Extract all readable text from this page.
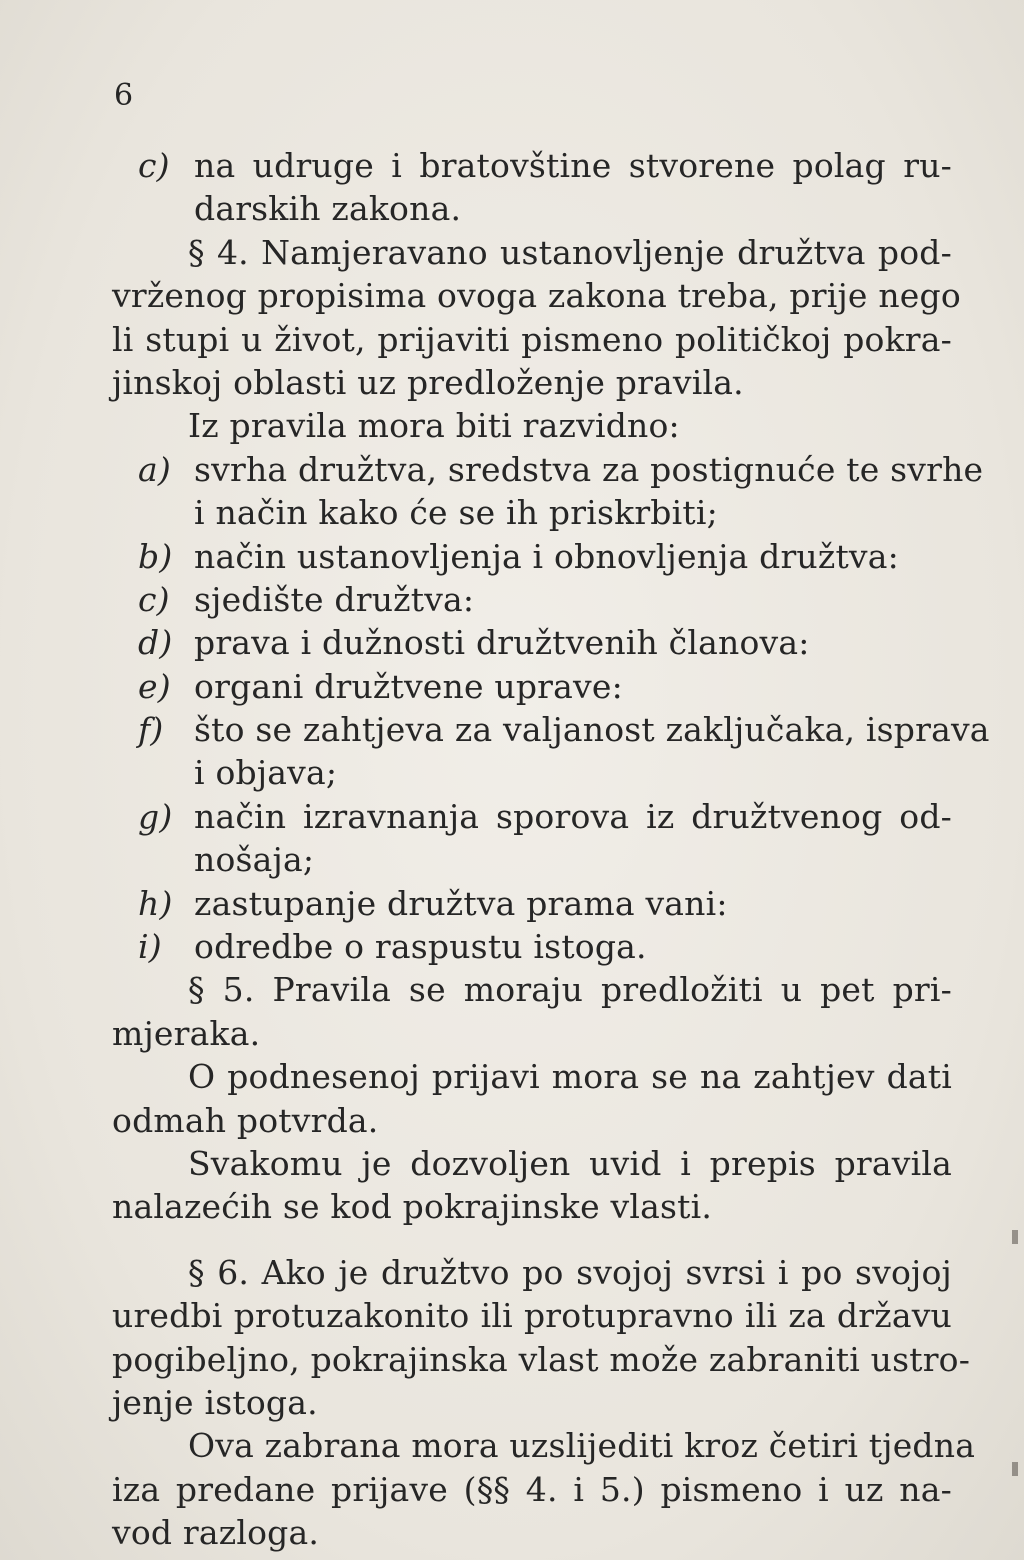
6
c) na udruge i bratovštine stvorene polag ru-
darskih zakona.
§ 4. Namjeravano ustanovljenje družtva pod-
vrženog propisima ovoga zakona treba, prije nego
li stupi u život, prijaviti pismeno političkoj pokra-
jinskoj oblasti uz predloženje pravila.
Iz pravila mora biti razvidno:
a) svrha družtva, sredstva za postignuće te svrhe
i način kako će se ih priskrbiti;
b) način ustanovljenja i obnovljenja družtva:
c) sjedište družtva:
d) prava i dužnosti družtvenih članova:
e) organi družtvene uprave:
f) što se zahtjeva za valjanost zaključaka, isprava
i objava;
g) način izravnanja sporova iz družtvenog od-
nošaja;
h) zastupanje družtva prama vani:
i) odredbe o raspustu istoga.
§ 5. Pravila se moraju predložiti u pet pri-
mjeraka.
O podnesenoj prijavi mora se na zahtjev dati
odmah potvrda.
Svakomu je dozvoljen uvid i prepis pravila
nalazećih se kod pokrajinske vlasti.
§ 6. Ako je družtvo po svojoj svrsi i po svojoj
uredbi protuzakonito ili protupravno ili za državu
pogibeljno, pokrajinska vlast može zabraniti ustro-
jenje istoga.
Ova zabrana mora uzslijediti kroz četiri tjedna
iza predane prijave (§§ 4. i 5.) pismeno i uz na-
vod razloga.
